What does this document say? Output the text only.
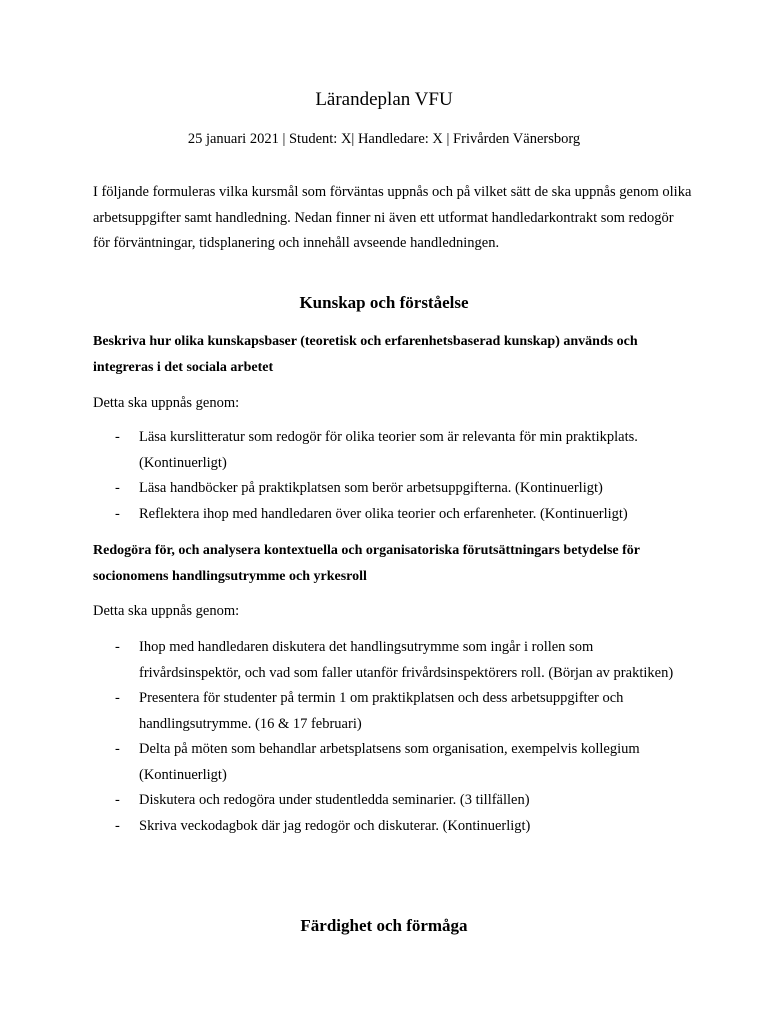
Lärandeplan VFU
25 januari 2021 | Student: X| Handledare: X | Frivården Vänersborg
I följande formuleras vilka kursmål som förväntas uppnås och på vilket sätt de ska uppnås genom olika arbetsuppgifter samt handledning. Nedan finner ni även ett utformat handledarkontrakt som redogör för förväntningar, tidsplanering och innehåll avseende handledningen.
Kunskap och förståelse
Beskriva hur olika kunskapsbaser (teoretisk och erfarenhetsbaserad kunskap) används och integreras i det sociala arbetet
Detta ska uppnås genom:
- Läsa kurslitteratur som redogör för olika teorier som är relevanta för min praktikplats. (Kontinuerligt)
- Läsa handböcker på praktikplatsen som berör arbetsuppgifterna. (Kontinuerligt)
- Reflektera ihop med handledaren över olika teorier och erfarenheter. (Kontinuerligt)
Redogöra för, och analysera kontextuella och organisatoriska förutsättningars betydelse för socionomens handlingsutrymme och yrkesroll
Detta ska uppnås genom:
- Ihop med handledaren diskutera det handlingsutrymme som ingår i rollen som frivårdsinspektör, och vad som faller utanför frivårdsinspektörers roll. (Början av praktiken)
- Presentera för studenter på termin 1 om praktikplatsen och dess arbetsuppgifter och handlingsutrymme. (16 & 17 februari)
- Delta på möten som behandlar arbetsplatsens som organisation, exempelvis kollegium (Kontinuerligt)
- Diskutera och redogöra under studentledda seminarier. (3 tillfällen)
- Skriva veckodagbok där jag redogör och diskuterar. (Kontinuerligt)
Färdighet och förmåga
